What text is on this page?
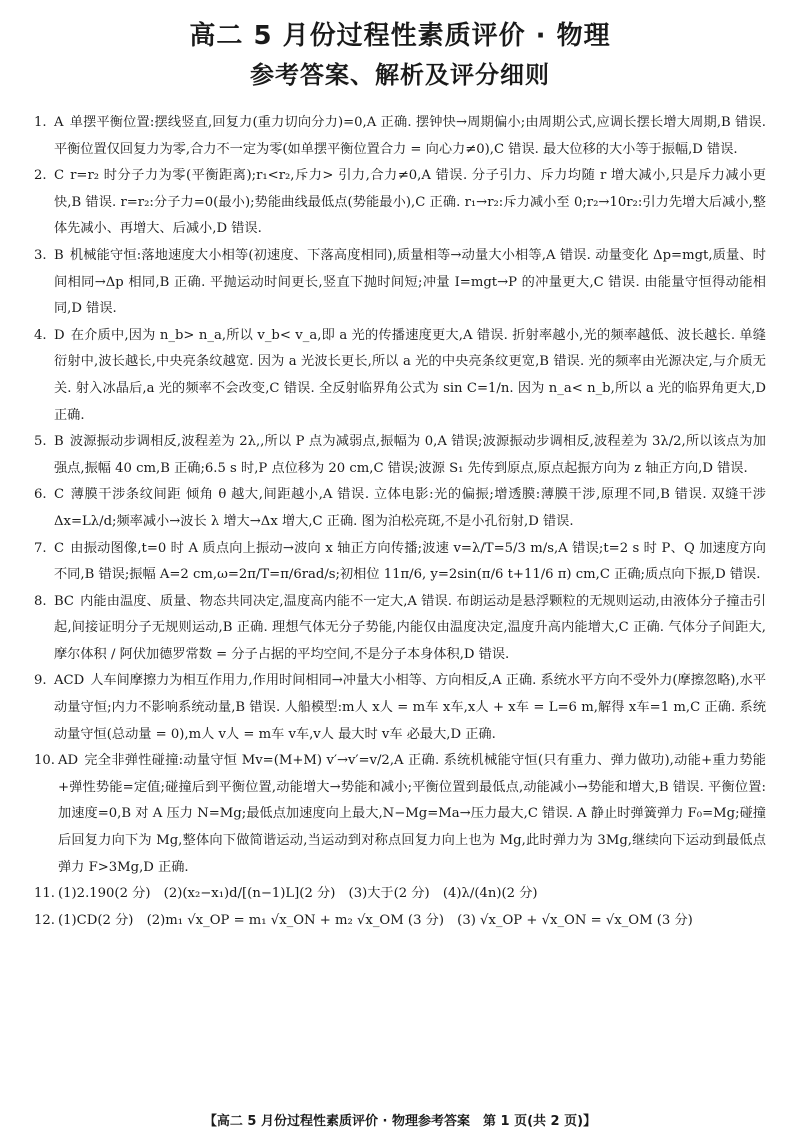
高二 5 月份过程性素质评价 · 物理
参考答案、解析及评分细则

1. A 单摆平衡位置:摆线竖直,回复力(重力切向分力)=0,A 正确. 摆钟快→周期偏小;由周期公式,应调长摆长增大周期,B 错误. 平衡位置仅回复力为零,合力不一定为零(如单摆平衡位置合力 = 向心力≠0),C 错误. 最大位移的大小等于振幅,D 错误.

2. C r=r₂ 时分子力为零(平衡距离);r₁<r₂,斥力> 引力,合力≠0,A 错误. 分子引力、斥力均随 r 增大减小,只是斥力减小更快,B 错误. r=r₂:分子力=0(最小);势能曲线最低点(势能最小),C 正确. r₁→r₂:斥力减小至 0;r₂→10r₂:引力先增大后减小,整体先减小、再增大、后减小,D 错误.

3. B 机械能守恒:落地速度大小相等(初速度、下落高度相同),质量相等→动量大小相等,A 错误. 动量变化 Δp=mgt,质量、时间相同→Δp 相同,B 正确. 平抛运动时间更长,竖直下抛时间短;冲量 I=mgt→P 的冲量更大,C 错误. 由能量守恒得动能相同,D 错误.

4. D 在介质中,因为 n_b> n_a,所以 v_b< v_a,即 a 光的传播速度更大,A 错误. 折射率越小,光的频率越低、波长越长. 单缝衍射中,波长越长,中央亮条纹越宽. 因为 a 光波长更长,所以 a 光的中央亮条纹更宽,B 错误. 光的频率由光源决定,与介质无关. 射入冰晶后,a 光的频率不会改变,C 错误. 全反射临界角公式为 sin C=1/n. 因为 n_a< n_b,所以 a 光的临界角更大,D 正确.

5. B 波源振动步调相反,波程差为 2λ,,所以 P 点为减弱点,振幅为 0,A 错误;波源振动步调相反,波程差为 3λ/2,所以该点为加强点,振幅 40 cm,B 正确;6.5 s 时,P 点位移为 20 cm,C 错误;波源 S₁ 先传到原点,原点起振方向为 z 轴正方向,D 错误.

6. C 薄膜干涉条纹间距 倾角 θ 越大,间距越小,A 错误. 立体电影:光的偏振;增透膜:薄膜干涉,原理不同,B 错误. 双缝干涉 Δx=Lλ/d;频率减小→波长 λ 增大→Δx 增大,C 正确. 图为泊松亮斑,不是小孔衍射,D 错误.

7. C 由振动图像,t=0 时 A 质点向上振动→波向 x 轴正方向传播;波速 v=λ/T=5/3 m/s,A 错误;t=2 s 时 P、Q 加速度方向不同,B 错误;振幅 A=2 cm,ω=2π/T=π/6rad/s;初相位 11π/6, y=2sin(π/6 t+11/6 π) cm,C 正确;质点向下振,D 错误.

8. BC 内能由温度、质量、物态共同决定,温度高内能不一定大,A 错误. 布朗运动是悬浮颗粒的无规则运动,由液体分子撞击引起,间接证明分子无规则运动,B 正确. 理想气体无分子势能,内能仅由温度决定,温度升高内能增大,C 正确. 气体分子间距大,摩尔体积 / 阿伏加德罗常数 = 分子占据的平均空间,不是分子本身体积,D 错误.

9. ACD 人车间摩擦力为相互作用力,作用时间相同→冲量大小相等、方向相反,A 正确. 系统水平方向不受外力(摩擦忽略),水平动量守恒;内力不影响系统动量,B 错误. 人船模型:m人 x人 = m车 x车,x人 + x车 = L=6 m,解得 x车=1 m,C 正确. 系统动量守恒(总动量 = 0),m人 v人 = m车 v车,v人 最大时 v车 必最大,D 正确.

10. AD 完全非弹性碰撞:动量守恒 Mv=(M+M) v′→v′=v/2,A 正确. 系统机械能守恒(只有重力、弹力做功),动能+重力势能+弹性势能=定值;碰撞后到平衡位置,动能增大→势能和减小;平衡位置到最低点,动能减小→势能和增大,B 错误. 平衡位置:加速度=0,B 对 A 压力 N=Mg;最低点加速度向上最大,N−Mg=Ma→压力最大,C 错误. A 静止时弹簧弹力 F₀=Mg;碰撞后回复力向下为 Mg,整体向下做简谐运动,当运动到对称点回复力向上也为 Mg,此时弹力为 3Mg,继续向下运动到最低点弹力 F>3Mg,D 正确.

11. (1)2.190(2 分)　(2)(x₂−x₁)d/[(n−1)L](2 分)　(3)大于(2 分)　(4)λ/(4n)(2 分)

12. (1)CD(2 分)　(2)m₁ √x_OP = m₁ √x_ON + m₂ √x_OM (3 分)　(3) √x_OP + √x_ON = √x_OM (3 分)

【高二 5 月份过程性素质评价 · 物理参考答案　第 1 页(共 2 页)】
